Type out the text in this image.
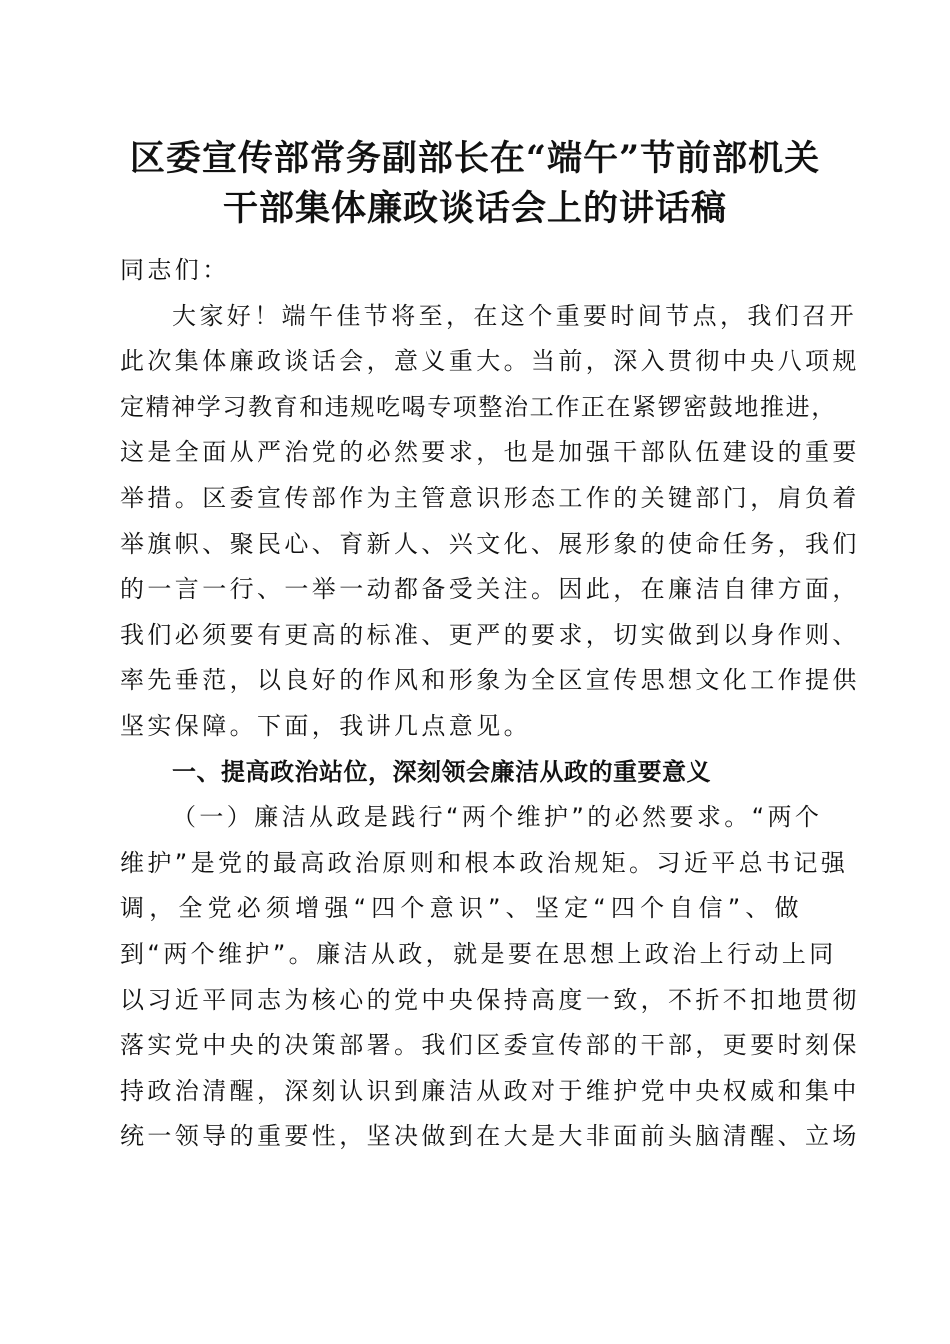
区委宣传部常务副部长在“端午”节前部机关
干部集体廉政谈话会上的讲话稿
同志们：
大家好！端午佳节将至，在这个重要时间节点，我们召开
此次集体廉政谈话会，意义重大。当前，深入贯彻中央八项规
定精神学习教育和违规吃喝专项整治工作正在紧锣密鼓地推进，
这是全面从严治党的必然要求，也是加强干部队伍建设的重要
举措。区委宣传部作为主管意识形态工作的关键部门，肩负着
举旗帜、聚民心、育新人、兴文化、展形象的使命任务，我们
的一言一行、一举一动都备受关注。因此，在廉洁自律方面，
我们必须要有更高的标准、更严的要求，切实做到以身作则、
率先垂范，以良好的作风和形象为全区宣传思想文化工作提供
坚实保障。下面，我讲几点意见。
一、提高政治站位，深刻领会廉洁从政的重要意义
（一）廉洁从政是践行“两个维护”的必然要求。“两个
维护”是党的最高政治原则和根本政治规矩。习近平总书记强
调，全党必须增强“四个意识”、坚定“四个自信”、做
到“两个维护”。廉洁从政，就是要在思想上政治上行动上同
以习近平同志为核心的党中央保持高度一致，不折不扣地贯彻
落实党中央的决策部署。我们区委宣传部的干部，更要时刻保
持政治清醒，深刻认识到廉洁从政对于维护党中央权威和集中
统一领导的重要性，坚决做到在大是大非面前头脑清醒、立场
